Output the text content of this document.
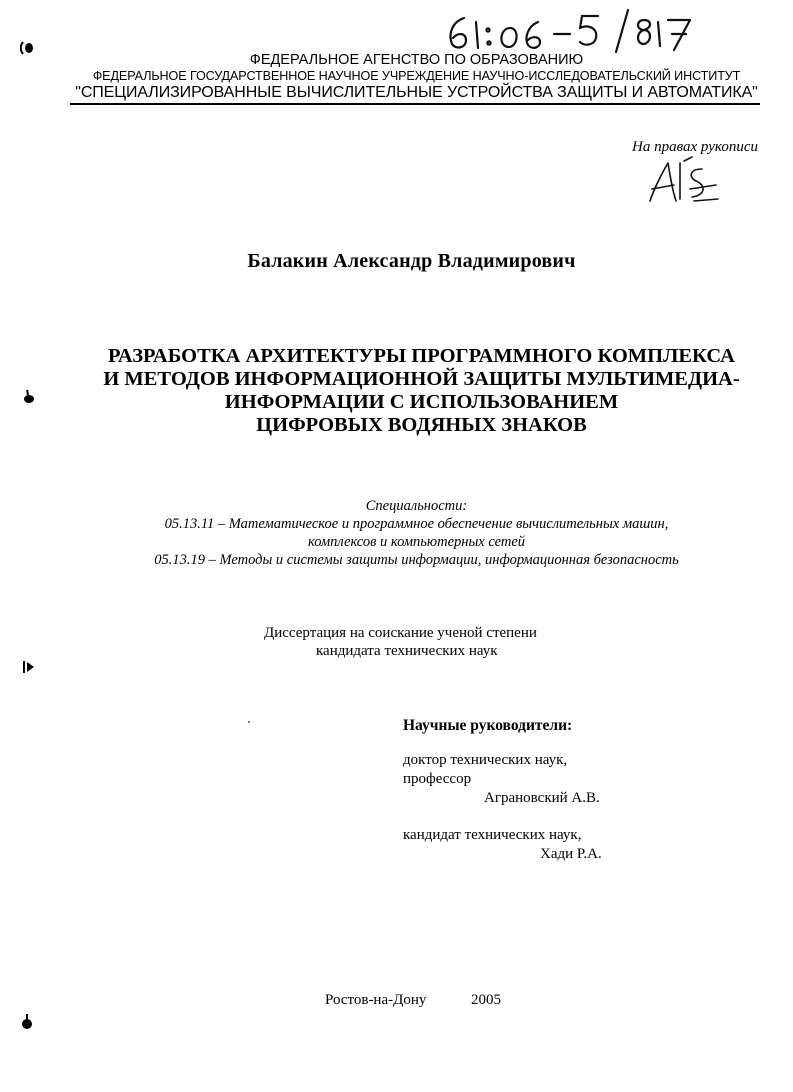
ФЕДЕРАЛЬНОЕ АГЕНСТВО ПО ОБРАЗОВАНИЮ
ФЕДЕРАЛЬНОЕ ГОСУДАРСТВЕННОЕ НАУЧНОЕ УЧРЕЖДЕНИЕ НАУЧНО-ИССЛЕДОВАТЕЛЬСКИЙ ИНСТИТУТ
"СПЕЦИАЛИЗИРОВАННЫЕ ВЫЧИСЛИТЕЛЬНЫЕ УСТРОЙСТВА ЗАЩИТЫ И АВТОМАТИКА"
На правах рукописи
Балакин Александр Владимирович
РАЗРАБОТКА АРХИТЕКТУРЫ ПРОГРАММНОГО КОМПЛЕКСА
И МЕТОДОВ ИНФОРМАЦИОННОЙ ЗАЩИТЫ МУЛЬТИМЕДИА-
ИНФОРМАЦИИ С ИСПОЛЬЗОВАНИЕМ
ЦИФРОВЫХ ВОДЯНЫХ ЗНАКОВ
Специальности:
05.13.11 – Математическое и программное обеспечение вычислительных машин,
комплексов и компьютерных сетей
05.13.19 – Методы и системы защиты информации, информационная безопасность
Диссертация на соискание ученой степени
кандидата технических наук
Научные руководители:
доктор технических наук,
профессор
Аграновский А.В.
кандидат технических наук,
Хади Р.А.
Ростов-на-Дону	2005
